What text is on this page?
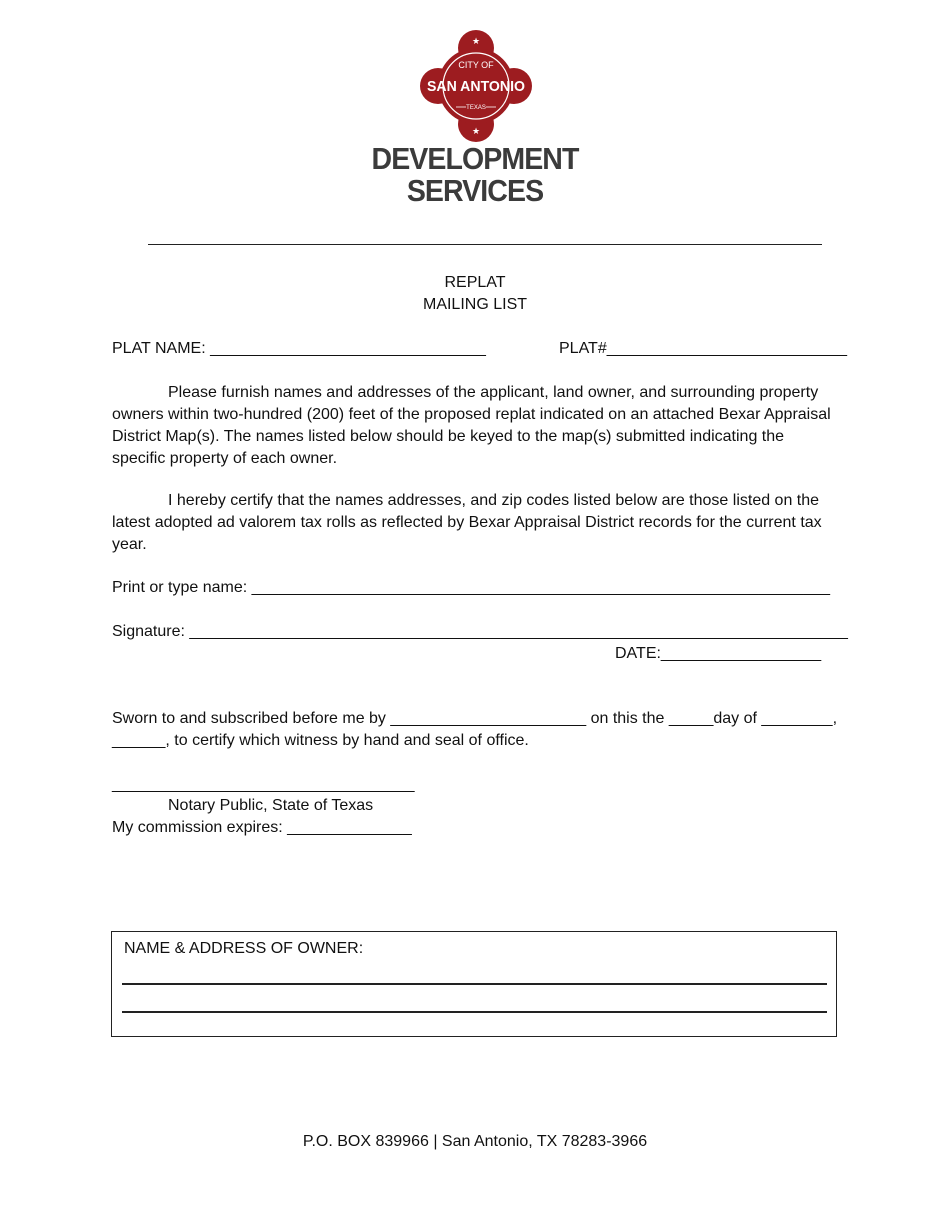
★
★
CITY OF
SAN ANTONIO
TEXAS
DEVELOPMENT
SERVICES
REPLAT
MAILING LIST
PLAT NAME: _______________________________	PLAT#___________________________

Please furnish names and addresses of the applicant, land owner, and surrounding property owners within two-hundred (200) feet of the proposed replat indicated on an attached Bexar Appraisal District Map(s). The names listed below should be keyed to the map(s) submitted indicating the specific property of each owner.

I hereby certify that the names addresses, and zip codes listed below are those listed on the latest adopted ad valorem tax rolls as reflected by Bexar Appraisal District records for the current tax year.

Print or type name: _________________________________________________________________
Signature: __________________________________________________________________________
DATE:__________________
Sworn to and subscribed before me by ______________________ on this the _____day of ________,
______, to certify which witness by hand and seal of office.
__________________________________
Notary Public, State of Texas
My commission expires: ______________
NAME & ADDRESS OF OWNER:
P.O. BOX 839966 | San Antonio, TX 78283-3966
